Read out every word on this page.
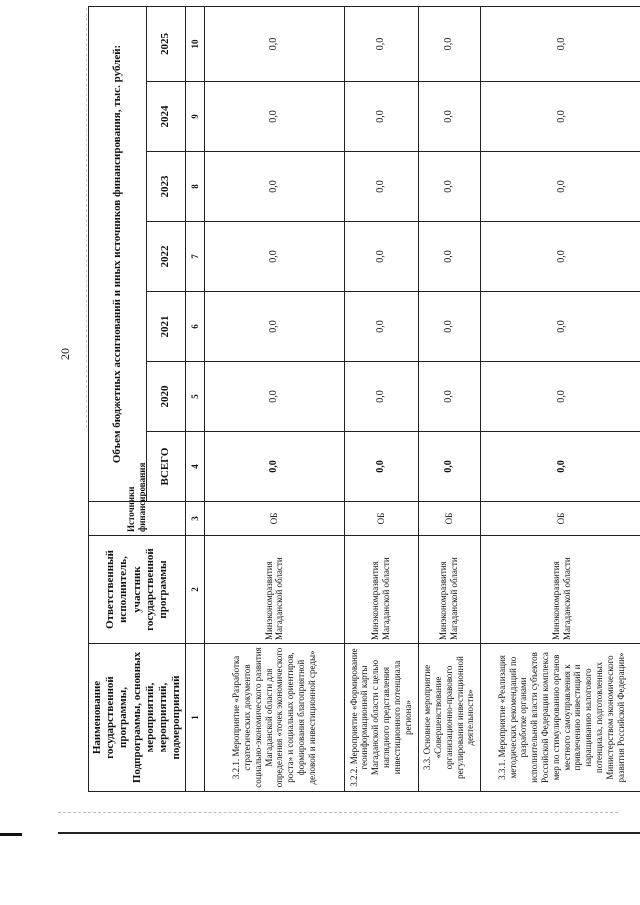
20
Наименование государственной программы, Подпрограммы, основных мероприятий, мероприятий, подмероприятий	Ответственный исполнитель, участник государственной программы	Источники финансирования	Объем бюджетных ассигнований и иных источников финансирования, тыс. рублей:						
			ВСЕГО	2020	2021	2022	2023	2024	2025
1	2	3	4	5	6	7	8	9	10
3.2.1. Мероприятие «Разработка стратегических документов социально-экономического развития Магаданской области для определения «точек экономического роста» и социальных ориентиров, формирования благоприятной деловой и инвестиционной среды»	Минэкономразвития Магаданской области	ОБ	0,0	0,0	0,0	0,0	0,0	0,0	0,0
3.2.2. Мероприятие «Формирование геоинформационной карты Магаданской области с целью наглядного представления инвестиционного потенциала региона»	Минэкономразвития Магаданской области	ОБ	0,0	0,0	0,0	0,0	0,0	0,0	0,0
3.3. Основное мероприятие «Совершенствование организационно-правового регулирования инвестиционной деятельности»	Минэкономразвития Магаданской области	ОБ	0,0	0,0	0,0	0,0	0,0	0,0	0,0
3.3.1. Мероприятие «Реализация методических рекомендаций по разработке органами исполнительной власти субъектов Российской Федерации комплекса мер по стимулированию органов местного самоуправления к привлечению инвестиций и наращиванию налогового потенциала, подготовленных Министерством экономического развития Российской Федерации»	Минэкономразвития Магаданской области	ОБ	0,0	0,0	0,0	0,0	0,0	0,0	0,0
